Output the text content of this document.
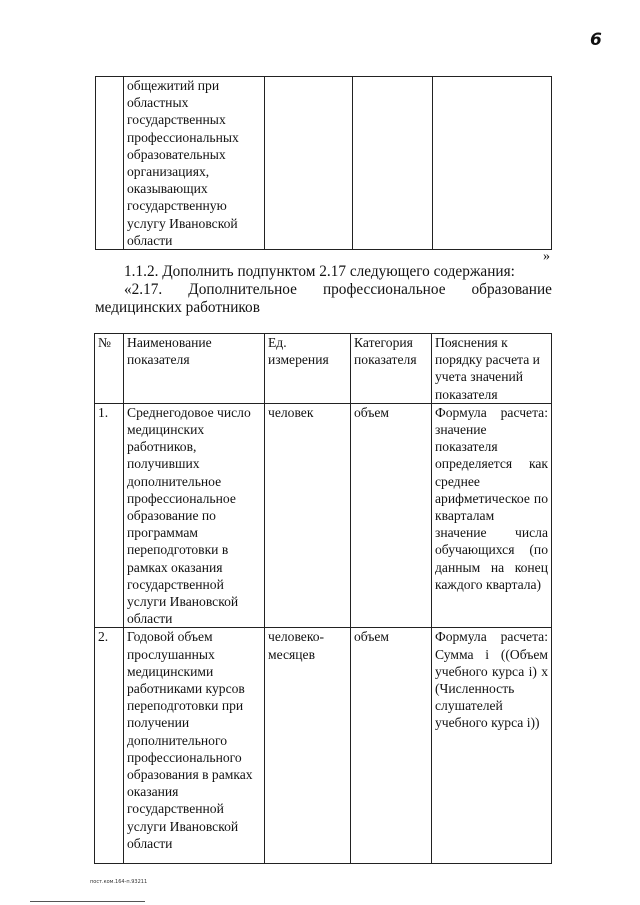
6
	общежитий при областных государственных профессиональных образовательных организациях, оказывающих государственную услугу Ивановской области			
»
1.1.2. Дополнить подпунктом 2.17 следующего содержания:
«2.17. Дополнительное профессиональное образование
медицинских работников
№	Наименование показателя	Ед. измерения	Категория показателя	Пояснения к порядку расчета и учета значений показателя
1.	Среднегодовое число медицинских работников, получивших дополнительное профессиональное образование по программам переподготовки в рамках оказания государственной услуги Ивановской области	человек	объем	Формула расчета: значение показателя определяется как среднее арифметическое по кварталам значение числа обучающихся (по данным на конец каждого квартала)
2.	Годовой объем прослушанных медицинскими работниками курсов переподготовки при получении дополнительного профессионального образования в рамках оказания государственной услуги Ивановской области	человеко-месяцев	объем	Формула расчета: Сумма i ((Объем учебного курса i) x (Численность слушателей учебного курса i))
пост.ком.164-п.93211
